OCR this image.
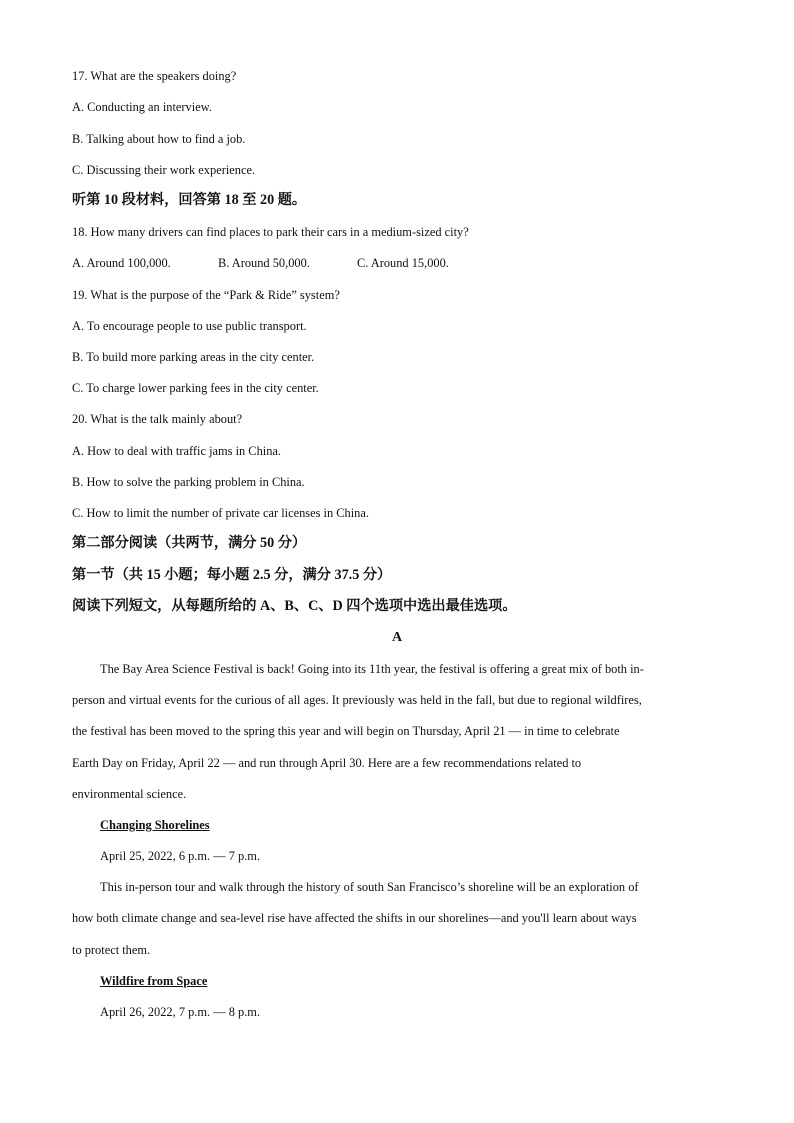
17. What are the speakers doing?
A. Conducting an interview.
B. Talking about how to find a job.
C. Discussing their work experience.
听第 10 段材料，回答第 18 至 20 题。
18. How many drivers can find places to park their cars in a medium-sized city?
A. Around 100,000.	B. Around 50,000.	C. Around 15,000.
19. What is the purpose of the “Park & Ride” system?
A. To encourage people to use public transport.
B. To build more parking areas in the city center.
C. To charge lower parking fees in the city center.
20. What is the talk mainly about?
A. How to deal with traffic jams in China.
B. How to solve the parking problem in China.
C. How to limit the number of private car licenses in China.
第二部分阅读（共两节，满分 50 分）
第一节（共 15 小题；每小题 2.5 分，满分 37.5 分）
阅读下列短文，从每题所给的 A、B、C、D 四个选项中选出最佳选项。
A
The Bay Area Science Festival is back! Going into its 11th year, the festival is offering a great mix of both in-
person and virtual events for the curious of all ages. It previously was held in the fall, but due to regional wildfires,
the festival has been moved to the spring this year and will begin on Thursday, April 21 — in time to celebrate
Earth Day on Friday, April 22 — and run through April 30. Here are a few recommendations related to
environmental science.
Changing Shorelines
April 25, 2022, 6 p.m. — 7 p.m.
This in-person tour and walk through the history of south San Francisco’s shoreline will be an exploration of
how both climate change and sea-level rise have affected the shifts in our shorelines—and you'll learn about ways
to protect them.
Wildfire from Space
April 26, 2022, 7 p.m. — 8 p.m.
